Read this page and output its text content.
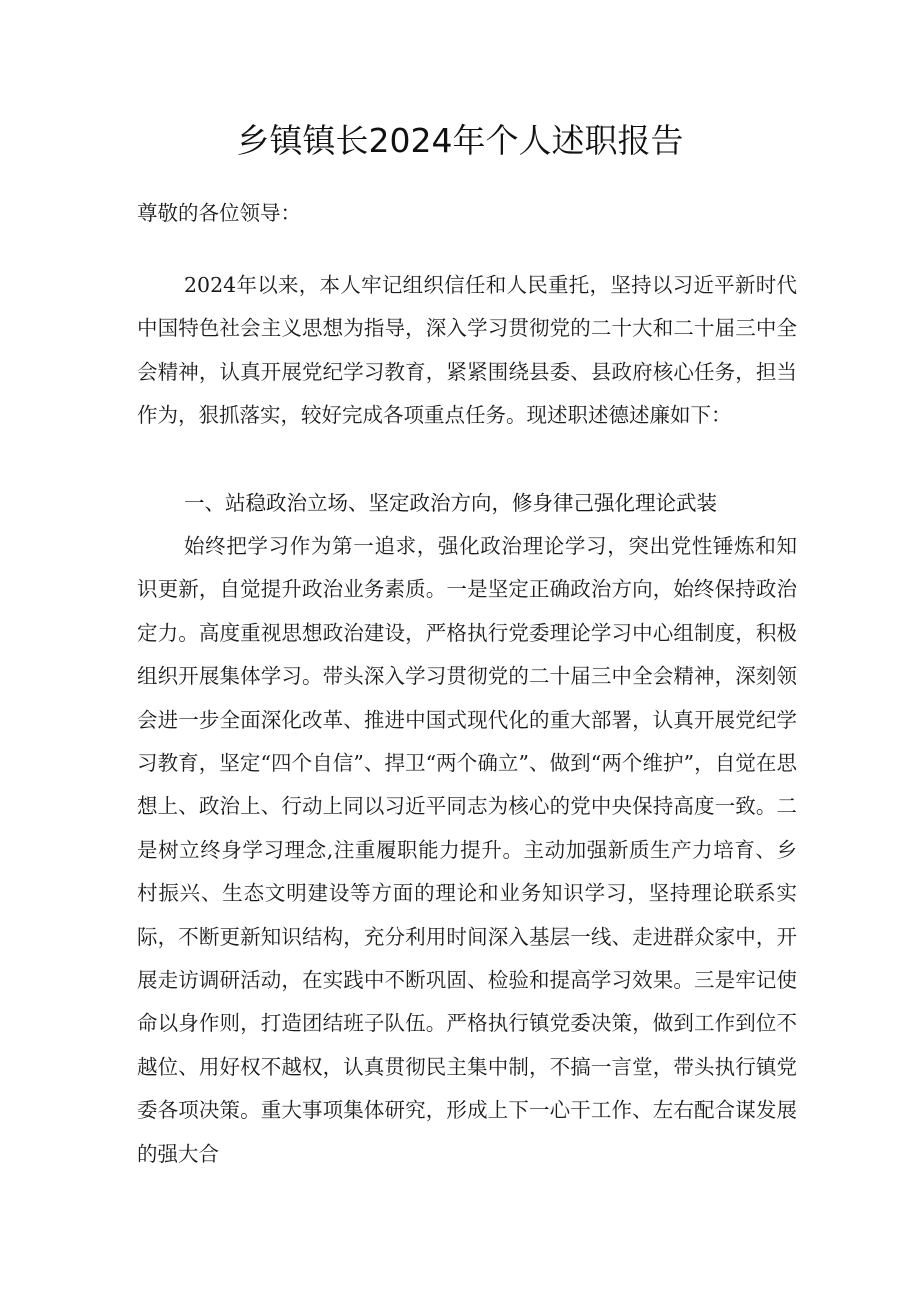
乡镇镇长2024年个人述职报告

尊敬的各位领导：

2024年以来，本人牢记组织信任和人民重托，坚持以习近平新时代中国特色社会主义思想为指导，深入学习贯彻党的二十大和二十届三中全会精神，认真开展党纪学习教育，紧紧围绕县委、县政府核心任务，担当作为，狠抓落实，较好完成各项重点任务。现述职述德述廉如下：

一、站稳政治立场、坚定政治方向，修身律己强化理论武装

始终把学习作为第一追求，强化政治理论学习，突出党性锤炼和知识更新，自觉提升政治业务素质。一是坚定正确政治方向，始终保持政治定力。高度重视思想政治建设，严格执行党委理论学习中心组制度，积极组织开展集体学习。带头深入学习贯彻党的二十届三中全会精神，深刻领会进一步全面深化改革、推进中国式现代化的重大部署，认真开展党纪学习教育，坚定“四个自信”、捍卫“两个确立”、做到“两个维护”，自觉在思想上、政治上、行动上同以习近平同志为核心的党中央保持高度一致。二是树立终身学习理念,注重履职能力提升。主动加强新质生产力培育、乡村振兴、生态文明建设等方面的理论和业务知识学习，坚持理论联系实际，不断更新知识结构，充分利用时间深入基层一线、走进群众家中，开展走访调研活动，在实践中不断巩固、检验和提高学习效果。三是牢记使命以身作则，打造团结班子队伍。严格执行镇党委决策，做到工作到位不越位、用好权不越权，认真贯彻民主集中制，不搞一言堂，带头执行镇党委各项决策。重大事项集体研究，形成上下一心干工作、左右配合谋发展的强大合
